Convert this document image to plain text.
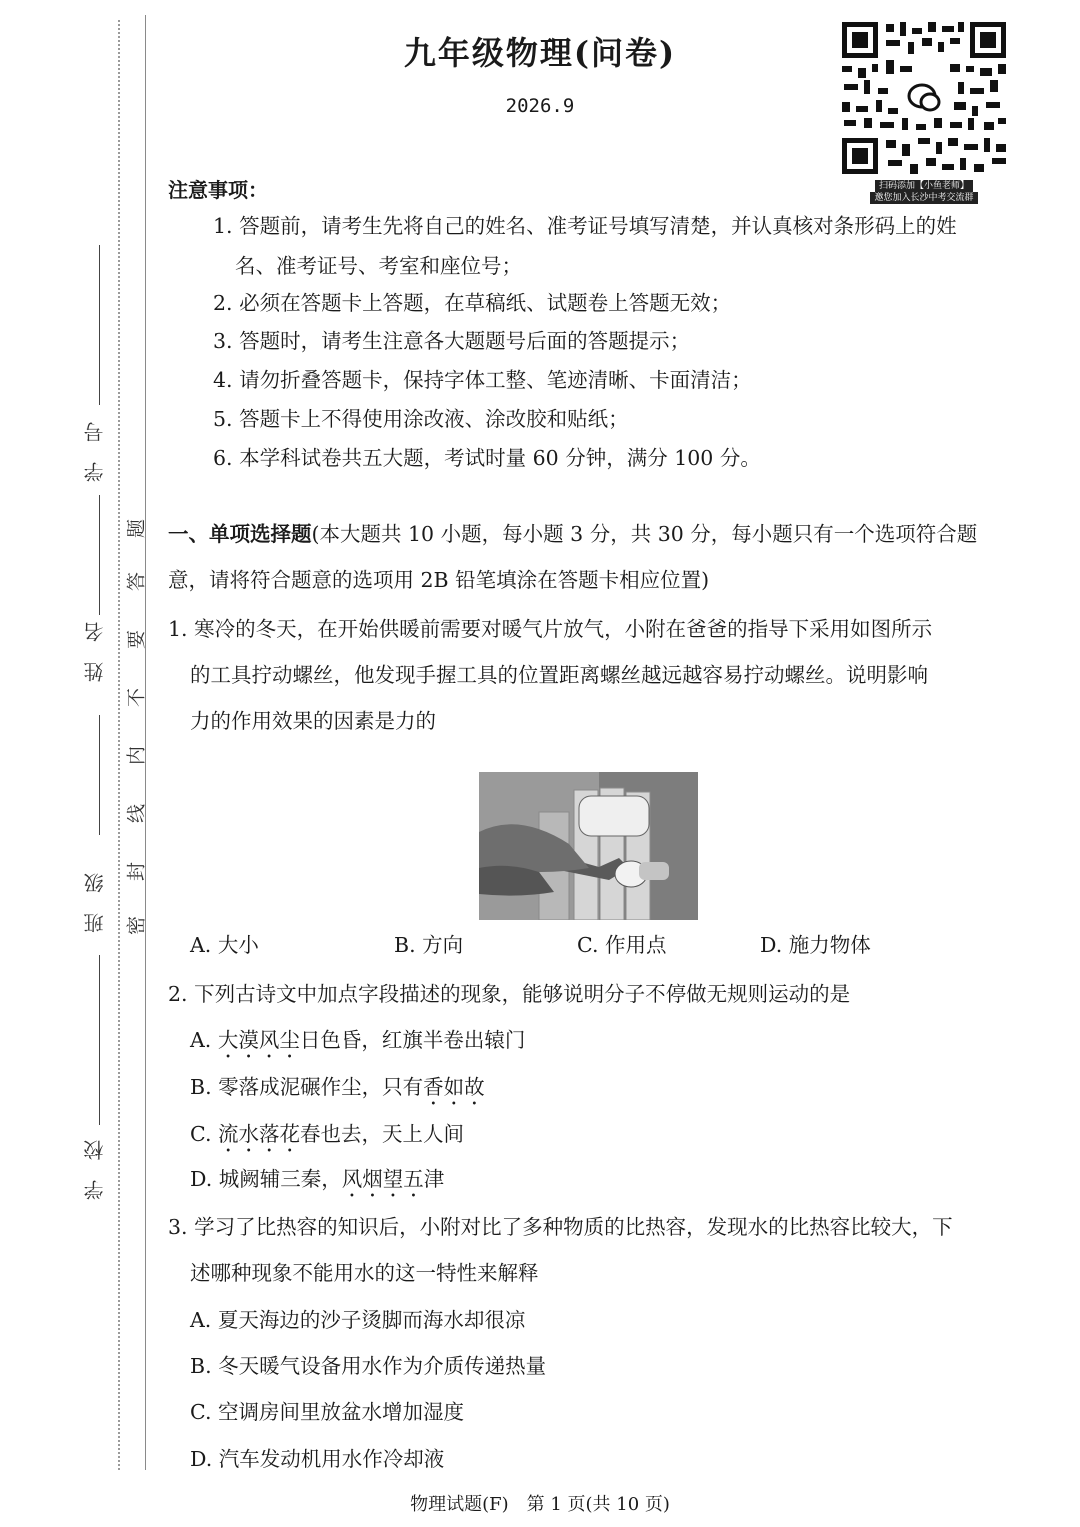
学　号
姓　名
班　级
学　校
题
答
要
不
内
线
封
密
九年级物理(问卷)
2026.9
扫码添加【小鱼老师】
邀您加入长沙中考交流群
注意事项：
1. 答题前，请考生先将自己的姓名、准考证号填写清楚，并认真核对条形码上的姓
名、准考证号、考室和座位号；
2. 必须在答题卡上答题，在草稿纸、试题卷上答题无效；
3. 答题时，请考生注意各大题题号后面的答题提示；
4. 请勿折叠答题卡，保持字体工整、笔迹清晰、卡面清洁；
5. 答题卡上不得使用涂改液、涂改胶和贴纸；
6. 本学科试卷共五大题，考试时量 60 分钟，满分 100 分。
一、单项选择题(本大题共 10 小题，每小题 3 分，共 30 分，每小题只有一个选项符合题

意，请将符合题意的选项用 2B 铅笔填涂在答题卡相应位置)
1. 寒冷的冬天，在开始供暖前需要对暖气片放气，小附在爸爸的指导下采用如图所示
的工具拧动螺丝，他发现手握工具的位置距离螺丝越远越容易拧动螺丝。说明影响
力的作用效果的因素是力的
A. 大小	B. 方向	C. 作用点	D. 施力物体
2. 下列古诗文中加点字段描述的现象，能够说明分子不停做无规则运动的是
A. 大漠风尘日色昏，红旗半卷出辕门
B. 零落成泥碾作尘，只有香如故
C. 流水落花春也去，天上人间
D. 城阙辅三秦，风烟望五津
3. 学习了比热容的知识后，小附对比了多种物质的比热容，发现水的比热容比较大，下
述哪种现象不能用水的这一特性来解释
A. 夏天海边的沙子烫脚而海水却很凉
B. 冬天暖气设备用水作为介质传递热量
C. 空调房间里放盆水增加湿度
D. 汽车发动机用水作冷却液
物理试题(F)　第 1 页(共 10 页)
